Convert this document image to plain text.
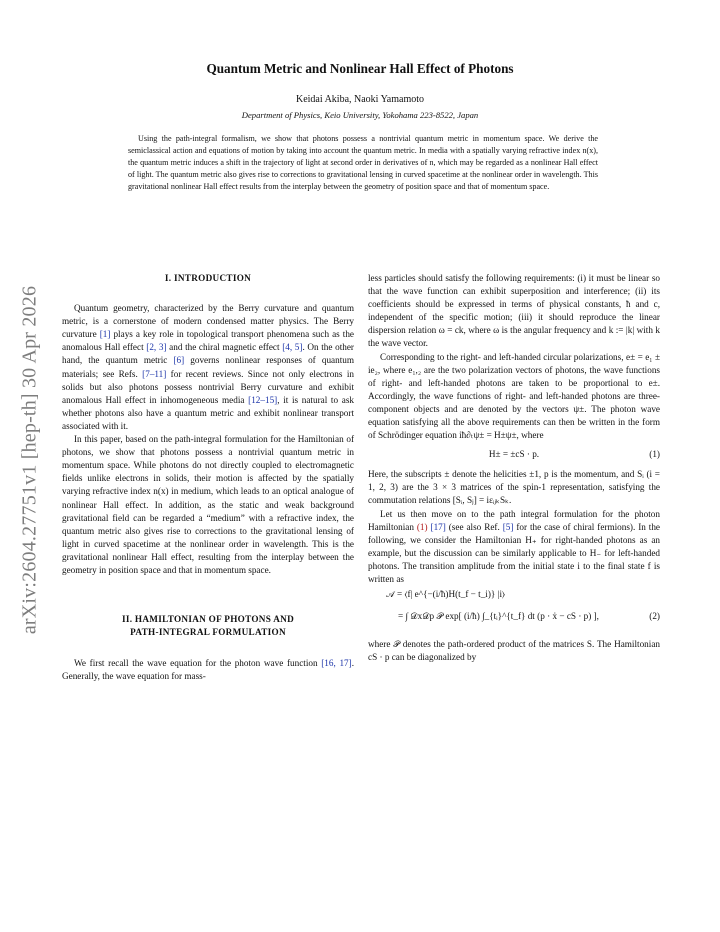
arXiv:2604.27751v1 [hep-th] 30 Apr 2026
Quantum Metric and Nonlinear Hall Effect of Photons
Keidai Akiba, Naoki Yamamoto
Department of Physics, Keio University, Yokohama 223-8522, Japan

Using the path-integral formalism, we show that photons possess a nontrivial quantum metric in momentum space. We derive the semiclassical action and equations of motion by taking into account the quantum metric. In media with a spatially varying refractive index n(x), the quantum metric induces a shift in the trajectory of light at second order in derivatives of n, which may be regarded as a nonlinear Hall effect of light. The quantum metric also gives rise to corrections to gravitational lensing in curved spacetime at the nonlinear order in wavelength. This gravitational nonlinear Hall effect results from the interplay between the geometry of position space and that of momentum space.

I. INTRODUCTION

Quantum geometry, characterized by the Berry curvature and quantum metric, is a cornerstone of modern condensed matter physics. The Berry curvature [1] plays a key role in topological transport phenomena such as the anomalous Hall effect [2, 3] and the chiral magnetic effect [4, 5]. On the other hand, the quantum metric [6] governs nonlinear responses of quantum materials; see Refs. [7–11] for recent reviews. Since not only electrons in solids but also photons possess nontrivial Berry curvature and exhibit anomalous Hall effect in inhomogeneous media [12–15], it is natural to ask whether photons also have a quantum metric and exhibit nonlinear transport associated with it.

In this paper, based on the path-integral formulation for the Hamiltonian of photons, we show that photons possess a nontrivial quantum metric in momentum space. While photons do not directly coupled to electromagnetic fields unlike electrons in solids, their motion is affected by the spatially varying refractive index n(x) in medium, which leads to an optical analogue of nonlinear Hall effect. In addition, as the static and weak background gravitational field can be regarded a “medium” with a refractive index, the quantum metric also gives rise to corrections to the gravitational lensing of light in curved spacetime at the nonlinear order in wavelength. This is the gravitational nonlinear Hall effect, resulting from the interplay between the geometry in position space and that in momentum space.

II. HAMILTONIAN OF PHOTONS AND
PATH-INTEGRAL FORMULATION

We first recall the wave equation for the photon wave function [16, 17]. Generally, the wave equation for mass-

less particles should satisfy the following requirements: (i) it must be linear so that the wave function can exhibit superposition and interference; (ii) its coefficients should be expressed in terms of physical constants, ħ and c, independent of the specific motion; (iii) it should reproduce the linear dispersion relation ω = ck, where ω is the angular frequency and k := |k| with k the wave vector.

Corresponding to the right- and left-handed circular polarizations, e± = e₁ ± ie₂, where e₁,₂ are the two polarization vectors of photons, the wave functions of right- and left-handed photons are taken to be proportional to e±. Accordingly, the wave functions of right- and left-handed photons are three-component objects and are denoted by the vectors ψ±. The photon wave equation satisfying all the above requirements can then be written in the form of Schrödinger equation iħ∂ₜψ± = H±ψ±, where

H± = ±cS · p.	(1)

Here, the subscripts ± denote the helicities ±1, p is the momentum, and Sᵢ (i = 1, 2, 3) are the 3 × 3 matrices of the spin-1 representation, satisfying the commutation relations [Sᵢ, Sⱼ] = iεᵢⱼₖSₖ.

Let us then move on to the path integral formulation for the photon Hamiltonian (1) [17] (see also Ref. [5] for the case of chiral fermions). In the following, we consider the Hamiltonian H₊ for right-handed photons as an example, but the discussion can be similarly applicable to H₋ for left-handed photons. The transition amplitude from the initial state i to the final state f is written as

𝒜 = ⟨f| e^{−(i/ħ)H(t_f − t_i)} |i⟩
= ∫ 𝒟x𝒟p 𝒫 exp[ (i/ħ) ∫_{tᵢ}^{t_f} dt (p · ẋ − cS · p) ],	(2)

where 𝒫 denotes the path-ordered product of the matrices S. The Hamiltonian cS · p can be diagonalized by
